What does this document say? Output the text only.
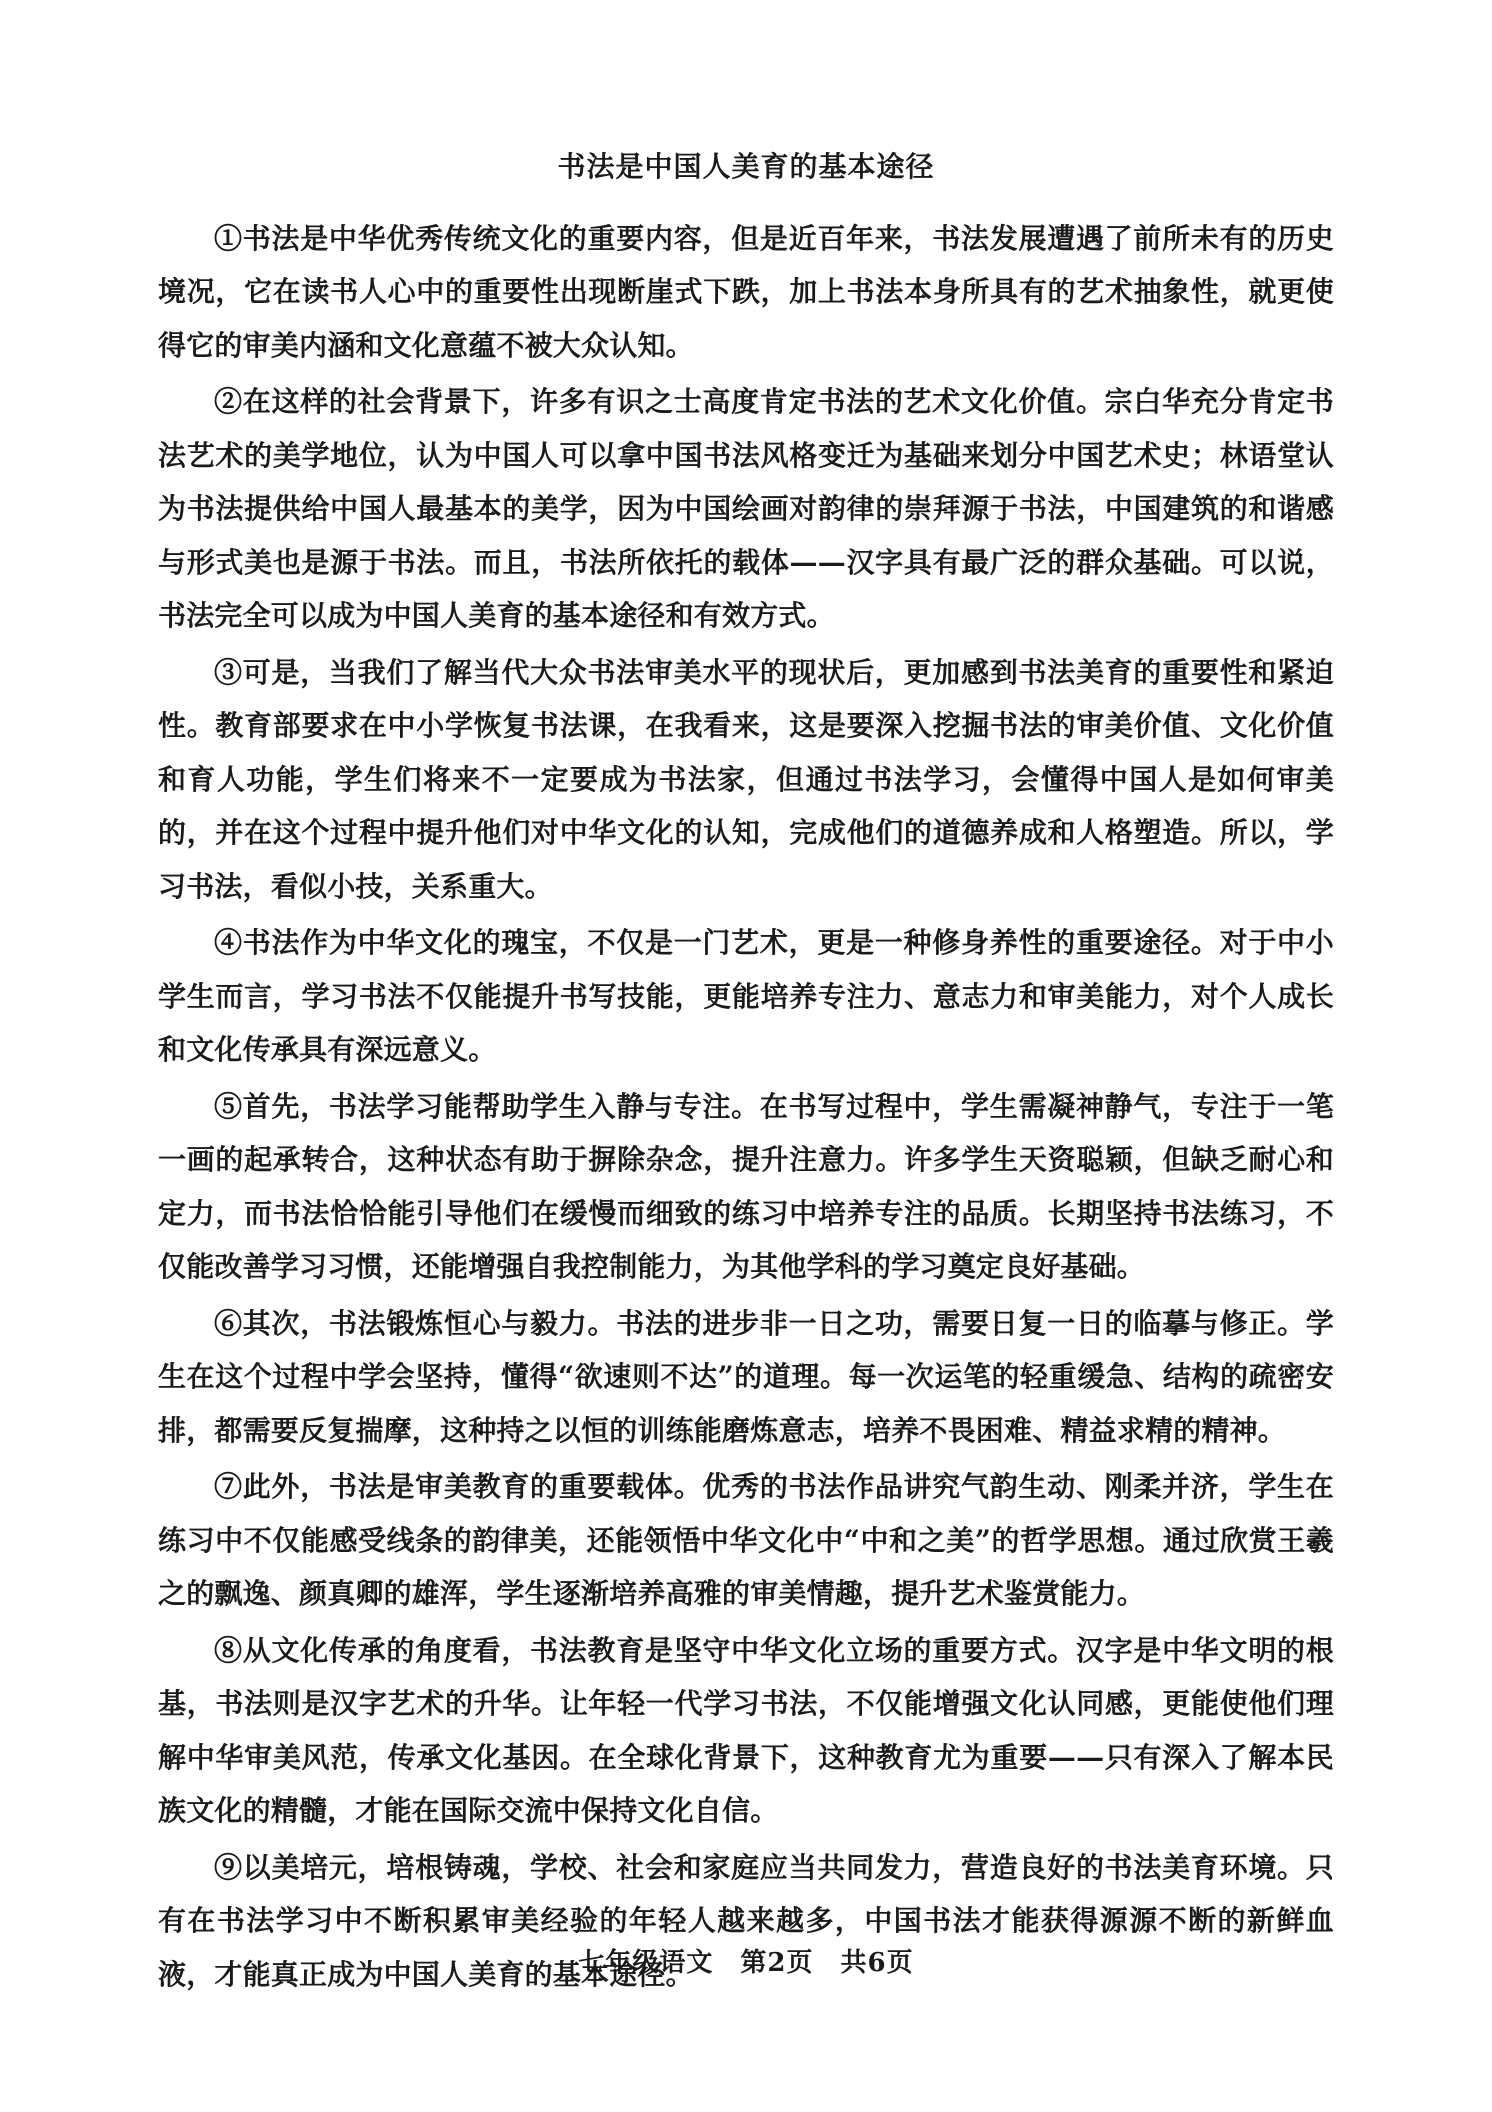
书法是中国人美育的基本途径

①书法是中华优秀传统文化的重要内容，但是近百年来，书法发展遭遇了前所未有的历史境况，它在读书人心中的重要性出现断崖式下跌，加上书法本身所具有的艺术抽象性，就更使得它的审美内涵和文化意蕴不被大众认知。

②在这样的社会背景下，许多有识之士高度肯定书法的艺术文化价值。宗白华充分肯定书法艺术的美学地位，认为中国人可以拿中国书法风格变迁为基础来划分中国艺术史；林语堂认为书法提供给中国人最基本的美学，因为中国绘画对韵律的崇拜源于书法，中国建筑的和谐感与形式美也是源于书法。而且，书法所依托的载体——汉字具有最广泛的群众基础。可以说，书法完全可以成为中国人美育的基本途径和有效方式。

③可是，当我们了解当代大众书法审美水平的现状后，更加感到书法美育的重要性和紧迫性。教育部要求在中小学恢复书法课，在我看来，这是要深入挖掘书法的审美价值、文化价值和育人功能，学生们将来不一定要成为书法家，但通过书法学习，会懂得中国人是如何审美的，并在这个过程中提升他们对中华文化的认知，完成他们的道德养成和人格塑造。所以，学习书法，看似小技，关系重大。

④书法作为中华文化的瑰宝，不仅是一门艺术，更是一种修身养性的重要途径。对于中小学生而言，学习书法不仅能提升书写技能，更能培养专注力、意志力和审美能力，对个人成长和文化传承具有深远意义。

⑤首先，书法学习能帮助学生入静与专注。在书写过程中，学生需凝神静气，专注于一笔一画的起承转合，这种状态有助于摒除杂念，提升注意力。许多学生天资聪颖，但缺乏耐心和定力，而书法恰恰能引导他们在缓慢而细致的练习中培养专注的品质。长期坚持书法练习，不仅能改善学习习惯，还能增强自我控制能力，为其他学科的学习奠定良好基础。

⑥其次，书法锻炼恒心与毅力。书法的进步非一日之功，需要日复一日的临摹与修正。学生在这个过程中学会坚持，懂得“欲速则不达”的道理。每一次运笔的轻重缓急、结构的疏密安排，都需要反复揣摩，这种持之以恒的训练能磨炼意志，培养不畏困难、精益求精的精神。

⑦此外，书法是审美教育的重要载体。优秀的书法作品讲究气韵生动、刚柔并济，学生在练习中不仅能感受线条的韵律美，还能领悟中华文化中“中和之美”的哲学思想。通过欣赏王羲之的飘逸、颜真卿的雄浑，学生逐渐培养高雅的审美情趣，提升艺术鉴赏能力。

⑧从文化传承的角度看，书法教育是坚守中华文化立场的重要方式。汉字是中华文明的根基，书法则是汉字艺术的升华。让年轻一代学习书法，不仅能增强文化认同感，更能使他们理解中华审美风范，传承文化基因。在全球化背景下，这种教育尤为重要——只有深入了解本民族文化的精髓，才能在国际交流中保持文化自信。

⑨以美培元，培根铸魂，学校、社会和家庭应当共同发力，营造良好的书法美育环境。只有在书法学习中不断积累审美经验的年轻人越来越多，中国书法才能获得源源不断的新鲜血液，才能真正成为中国人美育的基本途径。

七年级语文　第2页　共6页
